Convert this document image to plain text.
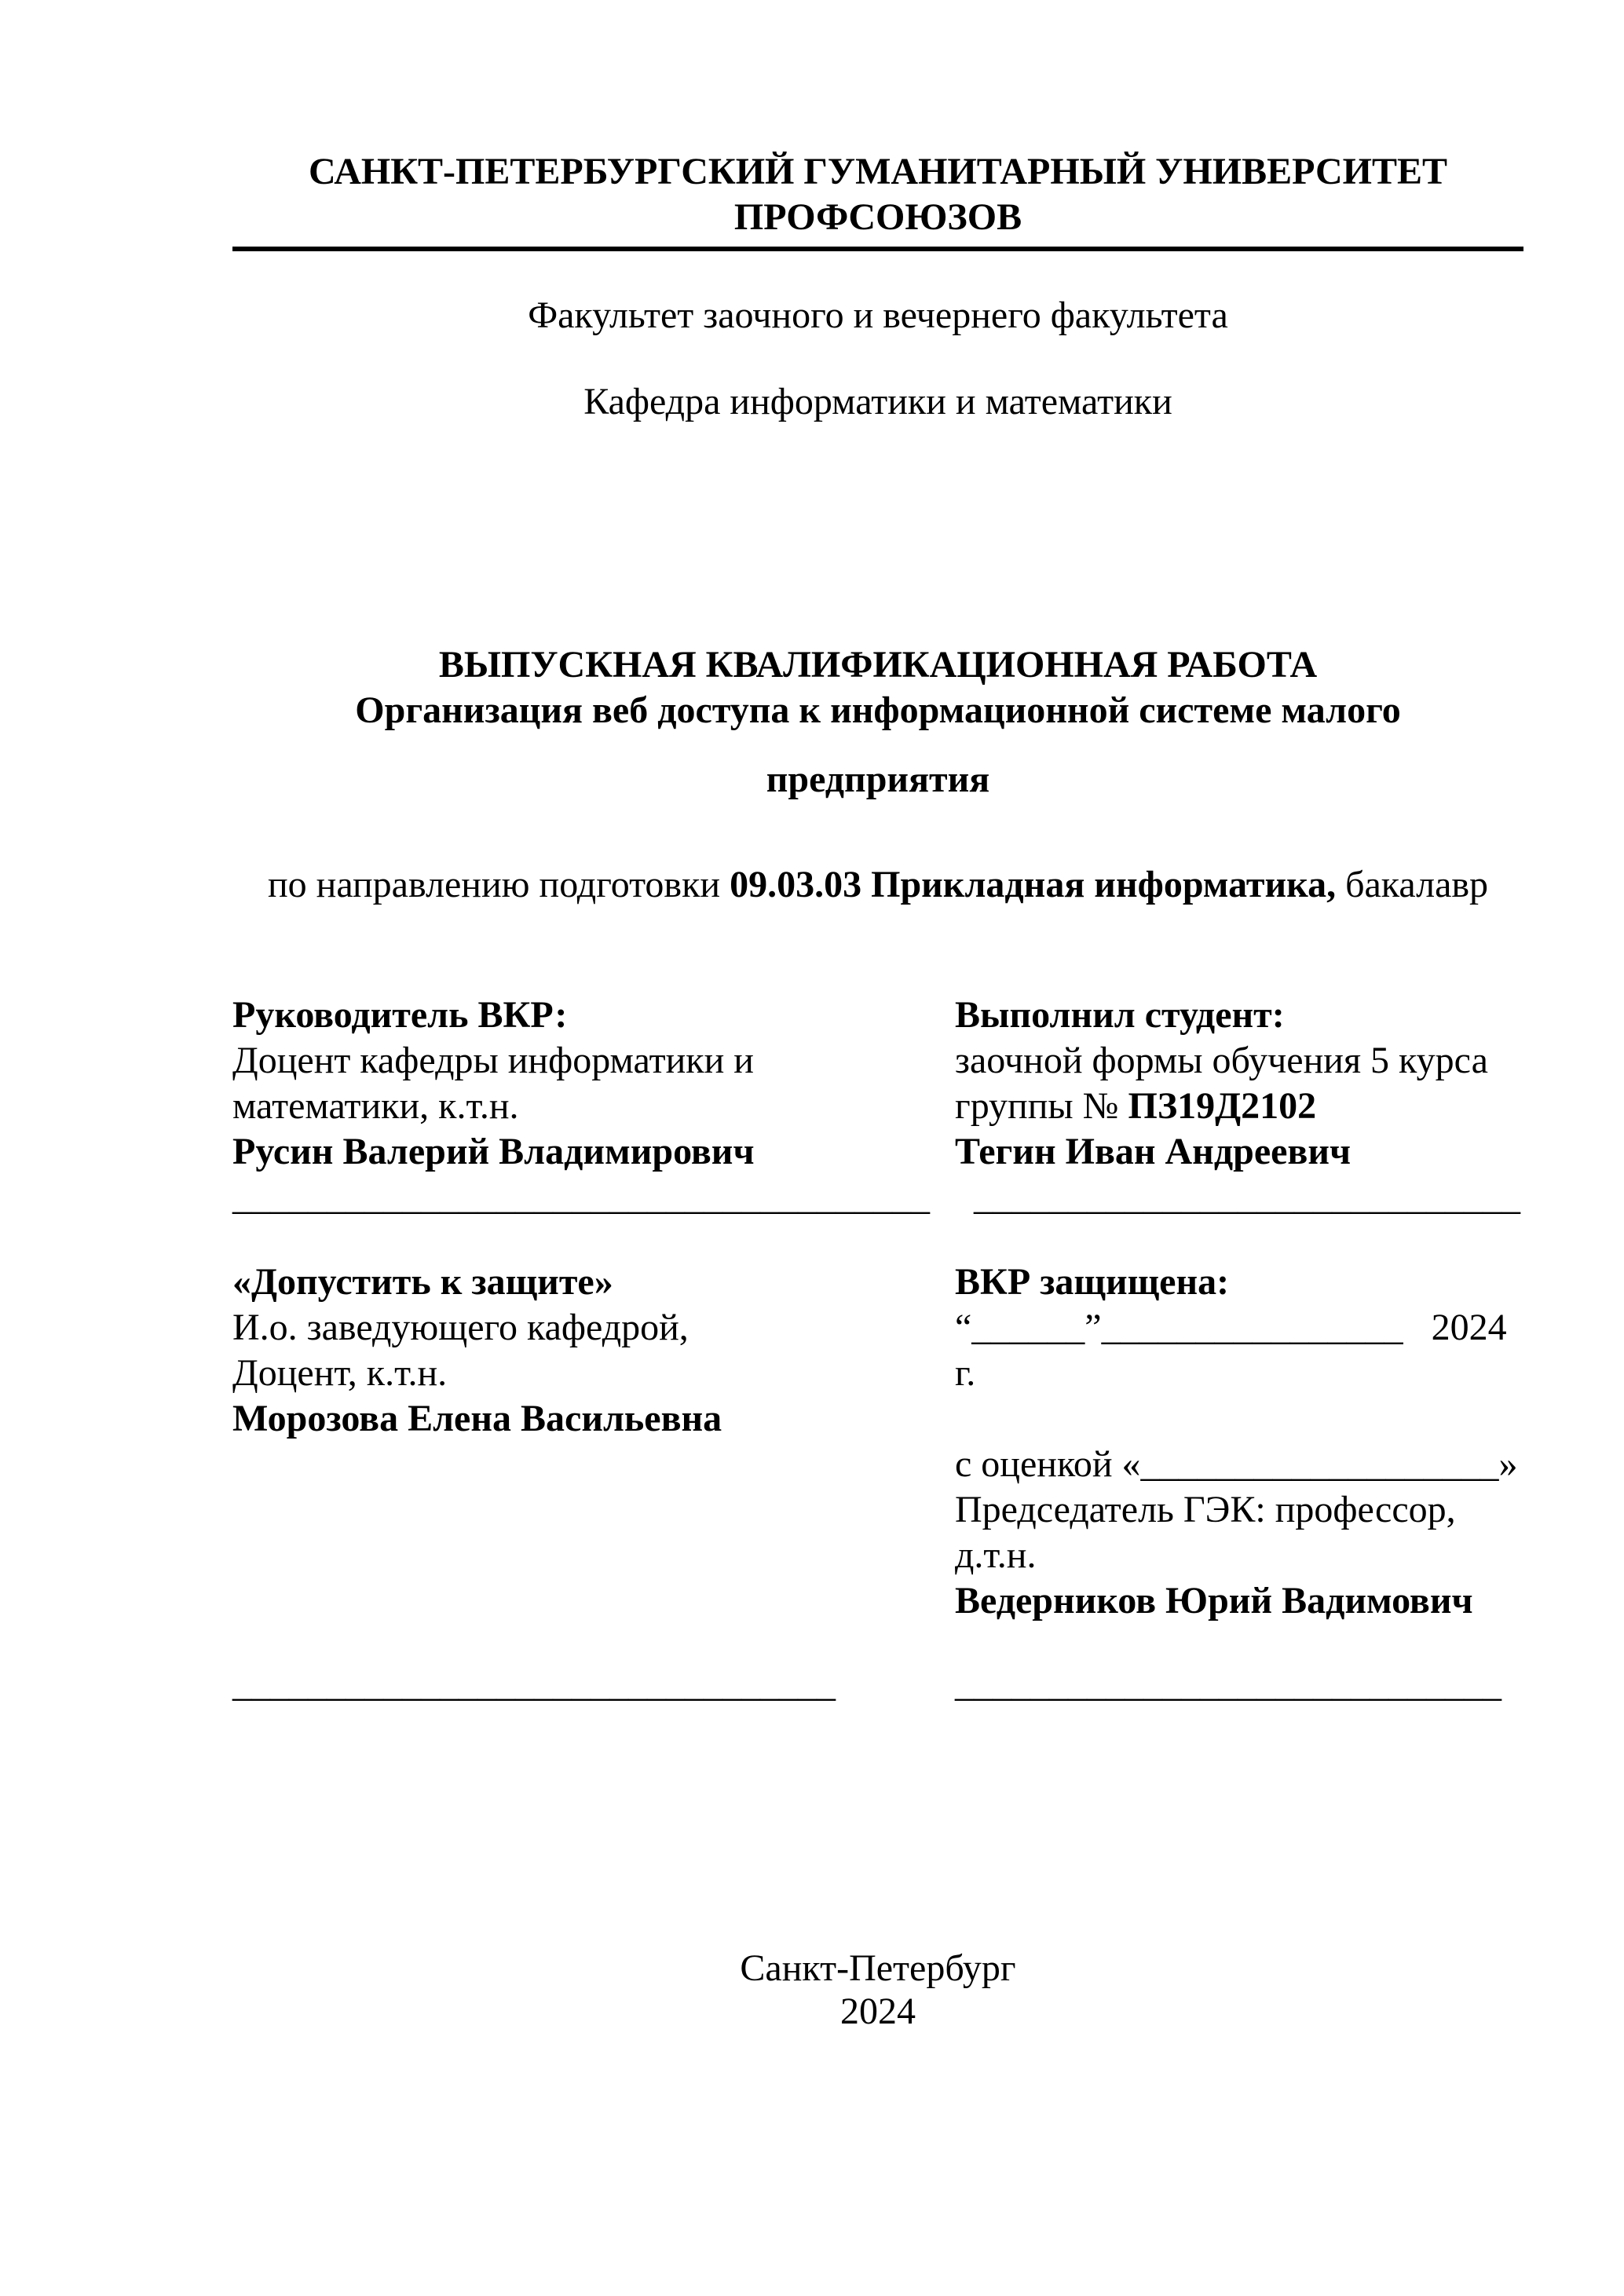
САНКТ-ПЕТЕРБУРГСКИЙ ГУМАНИТАРНЫЙ УНИВЕРСИТЕТ
ПРОФСОЮЗОВ
Факультет заочного и вечернего факультета
Кафедра информатики и математики
ВЫПУСКНАЯ КВАЛИФИКАЦИОННАЯ РАБОТА
Организация веб доступа к информационной системе малого
предприятия
по направлению подготовки 09.03.03 Прикладная информатика, бакалавр
Руководитель ВКР:
Доцент кафедры информатики и
математики, к.т.н.
Русин Валерий Владимирович
_____________________________________
Выполнил студент:
заочной формы обучения 5 курса
группы № ПЗ19Д2102
Тегин Иван Андреевич
_____________________________
«Допустить к защите»
И.о. заведующего кафедрой,
Доцент, к.т.н.
Морозова Елена Васильевна
ВКР защищена:
“______”________________   2024 г.
с оценкой «___________________»
Председатель ГЭК: профессор,
д.т.н.
Ведерников Юрий Вадимович
________________________________	_____________________________
Санкт-Петербург
2024
